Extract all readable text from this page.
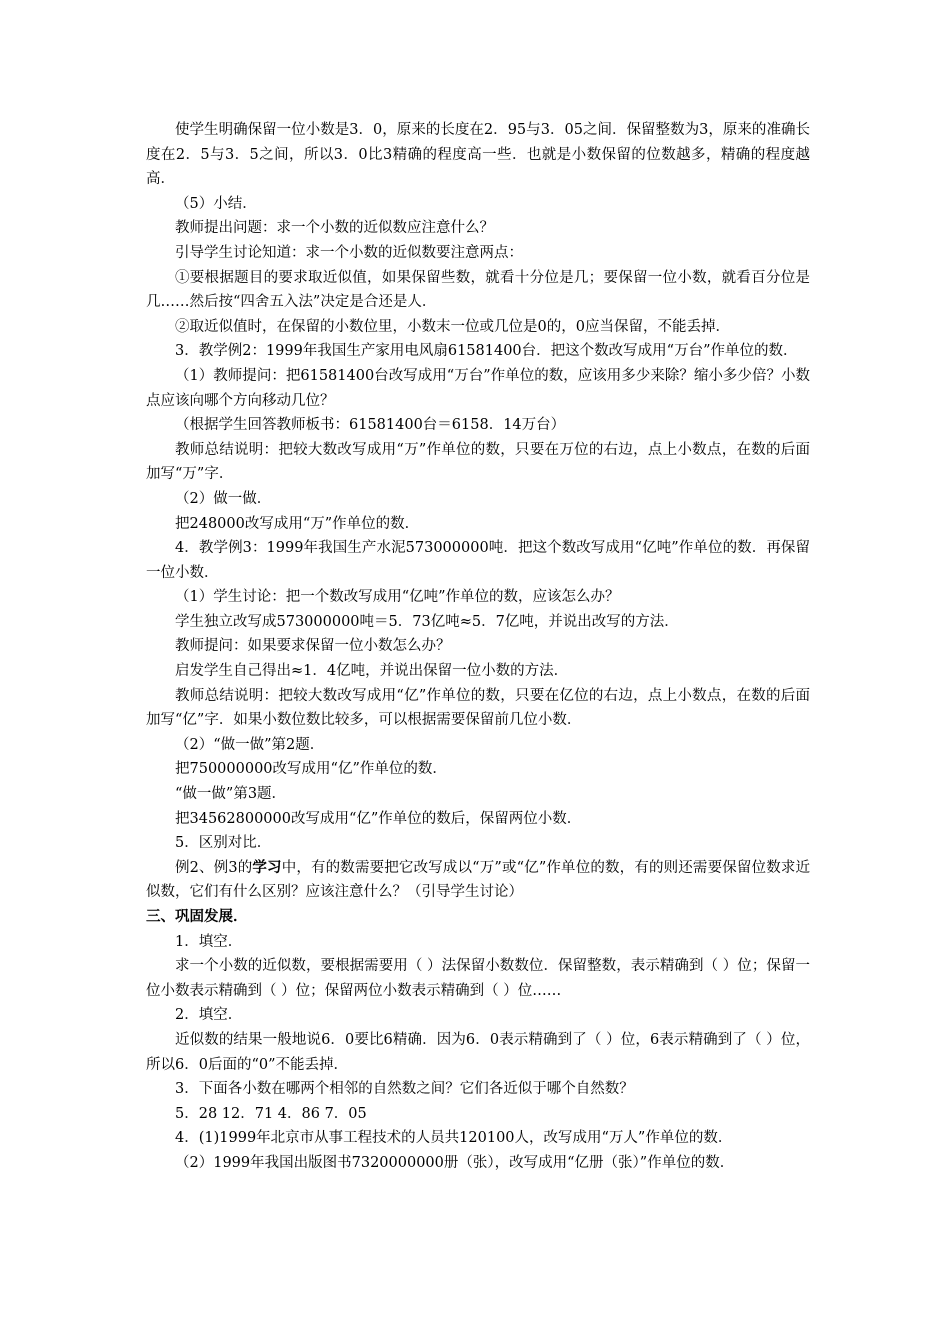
使学生明确保留一位小数是3．0，原来的长度在2．95与3．05之间．保留整数为3，原来的准确长度在2．5与3．5之间，所以3．0比3精确的程度高一些．也就是小数保留的位数越多，精确的程度越高．

（5）小结．

教师提出问题：求一个小数的近似数应注意什么？

引导学生讨论知道：求一个小数的近似数要注意两点：

①要根据题目的要求取近似值，如果保留些数，就看十分位是几；要保留一位小数，就看百分位是几……然后按“四舍五入法”决定是合还是人．

②取近似值时，在保留的小数位里，小数末一位或几位是0的，0应当保留，不能丢掉．

3．教学例2：1999年我国生产家用电风扇61581400台．把这个数改写成用“万台”作单位的数．

（1）教师提问：把61581400台改写成用“万台”作单位的数，应该用多少来除？缩小多少倍？小数点应该向哪个方向移动几位？

（根据学生回答教师板书：61581400台＝6158．14万台）

教师总结说明：把较大数改写成用“万”作单位的数，只要在万位的右边，点上小数点，在数的后面加写“万”字．

（2）做一做．

把248000改写成用“万”作单位的数．

4．教学例3：1999年我国生产水泥573000000吨．把这个数改写成用“亿吨”作单位的数．再保留一位小数．

（1）学生讨论：把一个数改写成用“亿吨”作单位的数，应该怎么办？

学生独立改写成573000000吨＝5．73亿吨≈5．7亿吨，并说出改写的方法．

教师提问：如果要求保留一位小数怎么办？

启发学生自己得出≈1．4亿吨，并说出保留一位小数的方法．

教师总结说明：把较大数改写成用“亿”作单位的数，只要在亿位的右边，点上小数点，在数的后面加写“亿”字．如果小数位数比较多，可以根据需要保留前几位小数．

（2）“做一做”第2题．

把750000000改写成用“亿”作单位的数．

“做一做”第3题．

把34562800000改写成用“亿”作单位的数后，保留两位小数．

5．区别对比．

例2、例3的学习中，有的数需要把它改写成以“万”或“亿”作单位的数，有的则还需要保留位数求近似数，它们有什么区别？应该注意什么？（引导学生讨论）

三、巩固发展．

1．填空．

求一个小数的近似数，要根据需要用（ ）法保留小数数位．保留整数，表示精确到（ ）位；保留一位小数表示精确到（ ）位；保留两位小数表示精确到（ ）位……

2．填空．

近似数的结果一般地说6．0要比6精确．因为6．0表示精确到了（ ）位，6表示精确到了（ ）位，所以6．0后面的“0”不能丢掉．

3．下面各小数在哪两个相邻的自然数之间？它们各近似于哪个自然数？

5．28 12．71 4．86 7．05

4．(1)1999年北京市从事工程技术的人员共120100人，改写成用“万人”作单位的数．

（2）1999年我国出版图书7320000000册（张），改写成用“亿册（张）”作单位的数．
